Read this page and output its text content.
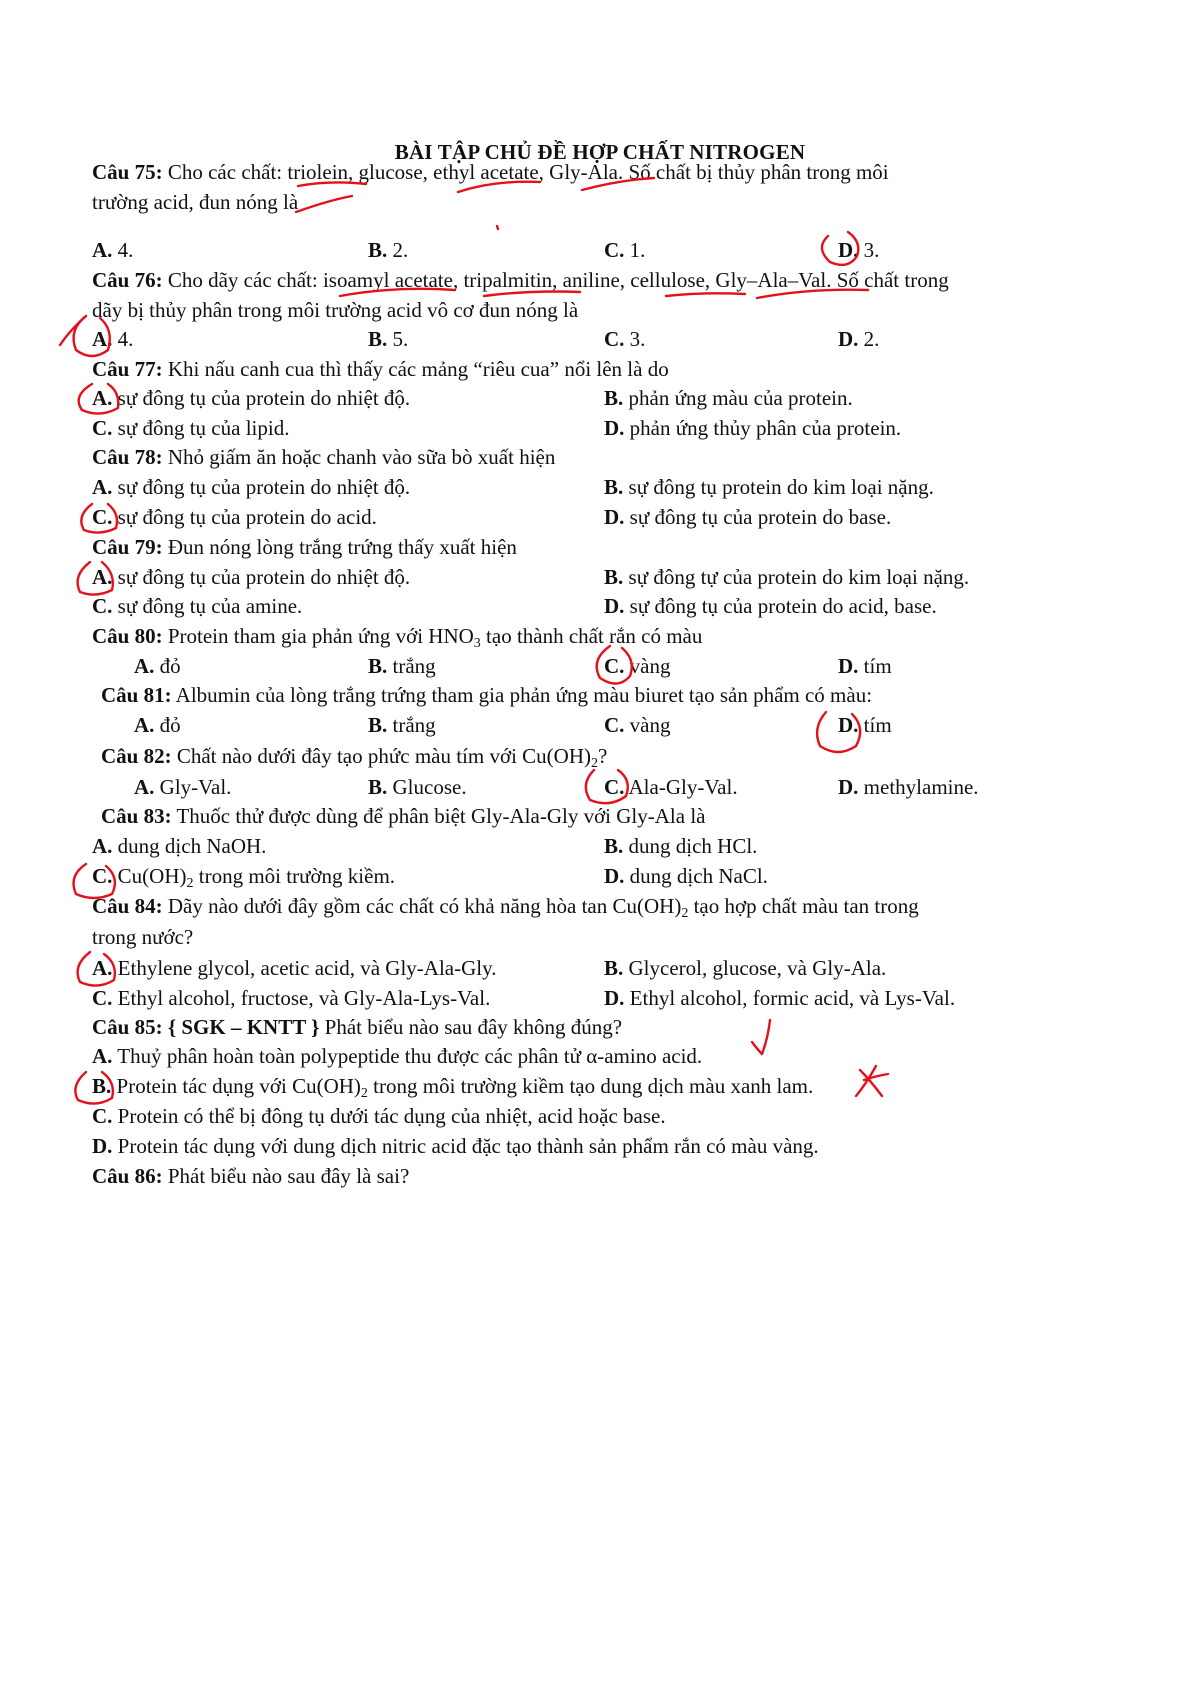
BÀI TẬP CHỦ ĐỀ HỢP CHẤT NITROGEN
Câu 75: Cho các chất: triolein, glucose, ethyl acetate, Gly-Ala. Số chất bị thủy phân trong môi
trường acid, đun nóng là
A. 4.	B. 2.	C. 1.	D. 3.
Câu 76: Cho dãy các chất: isoamyl acetate, tripalmitin, aniline, cellulose, Gly–Ala–Val. Số chất trong
dãy bị thủy phân trong môi trường acid vô cơ đun nóng là
A. 4.	B. 5.	C. 3.	D. 2.
Câu 77: Khi nấu canh cua thì thấy các mảng “riêu cua” nổi lên là do
A. sự đông tụ của protein do nhiệt độ.	B. phản ứng màu của protein.
C. sự đông tụ của lipid.	D. phản ứng thủy phân của protein.
Câu 78: Nhỏ giấm ăn hoặc chanh vào sữa bò xuất hiện
A. sự đông tụ của protein do nhiệt độ.	B. sự đông tụ protein do kim loại nặng.
C. sự đông tụ của protein do acid.	D. sự đông tụ của protein do base.
Câu 79: Đun nóng lòng trắng trứng thấy xuất hiện
A. sự đông tụ của protein do nhiệt độ.	B. sự đông tự của protein do kim loại nặng.
C. sự đông tụ của amine.	D. sự đông tụ của protein do acid, base.
Câu 80: Protein tham gia phản ứng với $HNO_3$ tạo thành chất rắn có màu
A. đỏ	B. trắng	C. vàng	D. tím
Câu 81: Albumin của lòng trắng trứng tham gia phản ứng màu biuret tạo sản phẩm có màu:
A. đỏ	B. trắng	C. vàng	D. tím
Câu 82: Chất nào dưới đây tạo phức màu tím với $Cu(OH)_2$?
A. Gly-Val.	B. Glucose.	C. Ala-Gly-Val.	D. methylamine.
Câu 83: Thuốc thử được dùng để phân biệt Gly-Ala-Gly với Gly-Ala là
A. dung dịch NaOH.	B. dung dịch HCl.
C. $Cu(OH)_2$ trong môi trường kiềm.	D. dung dịch NaCl.
Câu 84: Dãy nào dưới đây gồm các chất có khả năng hòa $\tan Cu(OH)_2$ tạo hợp chất màu tan trong
trong nước?
A. Ethylene glycol, acetic acid, và Gly-Ala-Gly.	B. Glycerol, glucose, và Gly-Ala.
C. Ethyl alcohol, fructose, và Gly-Ala-Lys-Val.	D. Ethyl alcohol, formic acid, và Lys-Val.
Câu 85: { SGK – KNTT } Phát biểu nào sau đây không đúng?
A. Thuỷ phân hoàn toàn polypeptide thu được các phân tử α-amino acid.
B. Protein tác dụng với $Cu(OH)_2$ trong môi trường kiềm tạo dung dịch màu xanh lam.
C. Protein có thể bị đông tụ dưới tác dụng của nhiệt, acid hoặc base.
D. Protein tác dụng với dung dịch nitric acid đặc tạo thành sản phẩm rắn có màu vàng.
Câu 86: Phát biểu nào sau đây là sai?
